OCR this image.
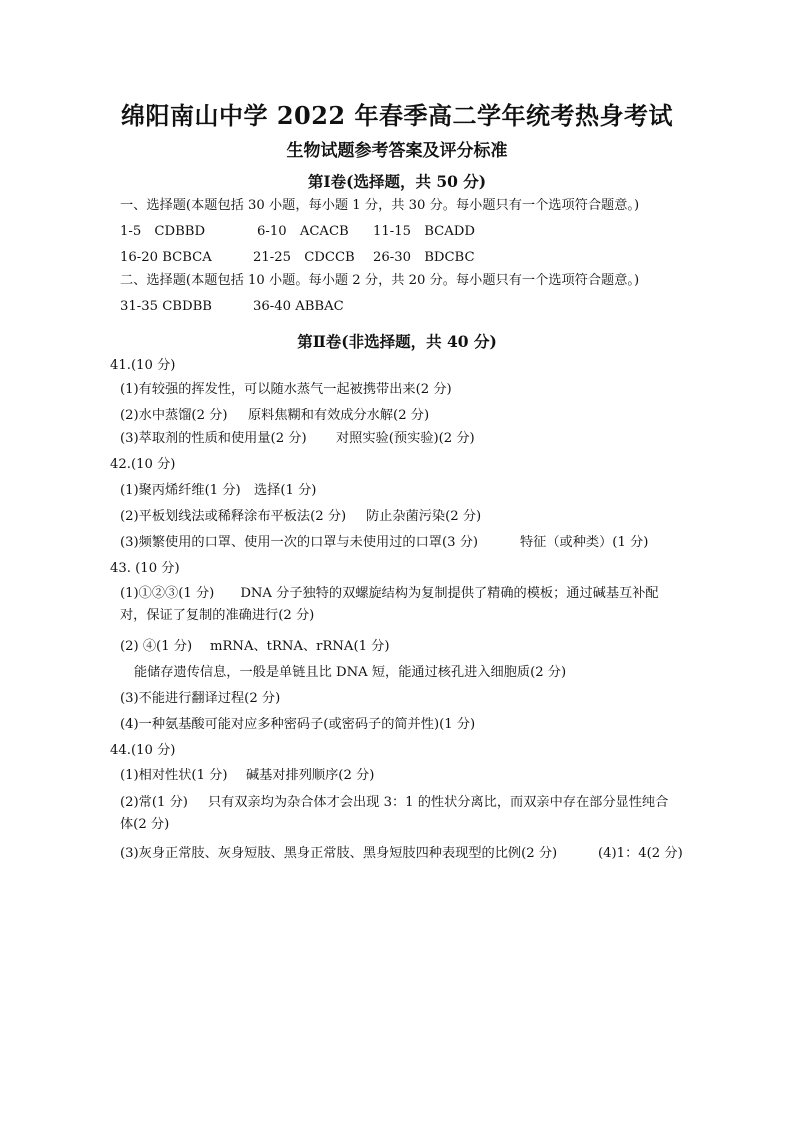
绵阳南山中学 2022 年春季高二学年统考热身考试
生物试题参考答案及评分标准
第Ⅰ卷(选择题，共 50 分)
一、选择题(本题包括 30 小题，每小题 1 分，共 30 分。每小题只有一个选项符合题意。)
1-5　CDBBD	6-10　ACACB 11-15　BCADD
16-20 BCBCA	21-25　CDCCB 26-30　BDCBC
二、选择题(本题包括 10 小题。每小题 2 分，共 20 分。每小题只有一个选项符合题意。)
31-35 CBDBB	36-40 ABBAC
第Ⅱ卷(非选择题，共 40 分)
41.(10 分)
(1)有较强的挥发性，可以随水蒸气一起被携带出来(2 分)
(2)水中蒸馏(2 分) 原料焦糊和有效成分水解(2 分)
(3)萃取剂的性质和使用量(2 分) 对照实验(预实验)(2 分)
42.(10 分)
(1)聚丙烯纤维(1 分) 选择(1 分)
(2)平板划线法或稀释涂布平板法(2 分) 防止杂菌污染(2 分)
(3)频繁使用的口罩、使用一次的口罩与未使用过的口罩(3 分)	特征（或种类）(1 分)
43. (10 分)
(1)①②③(1 分) DNA 分子独特的双螺旋结构为复制提供了精确的模板；通过碱基互补配对，保证了复制的准确进行(2 分)
(2) ④(1 分) mRNA、tRNA、rRNA(1 分)
能储存遗传信息，一般是单链且比 DNA 短，能通过核孔进入细胞质(2 分)
(3)不能进行翻译过程(2 分)
(4)一种氨基酸可能对应多种密码子(或密码子的简并性)(1 分)
44.(10 分)
(1)相对性状(1 分) 碱基对排列顺序(2 分)
(2)常(1 分) 只有双亲均为杂合体才会出现 3：1 的性状分离比，而双亲中存在部分显性纯合体(2 分)
(3)灰身正常肢、灰身短肢、黑身正常肢、黑身短肢四种表现型的比例(2 分)	(4)1：4(2 分)
